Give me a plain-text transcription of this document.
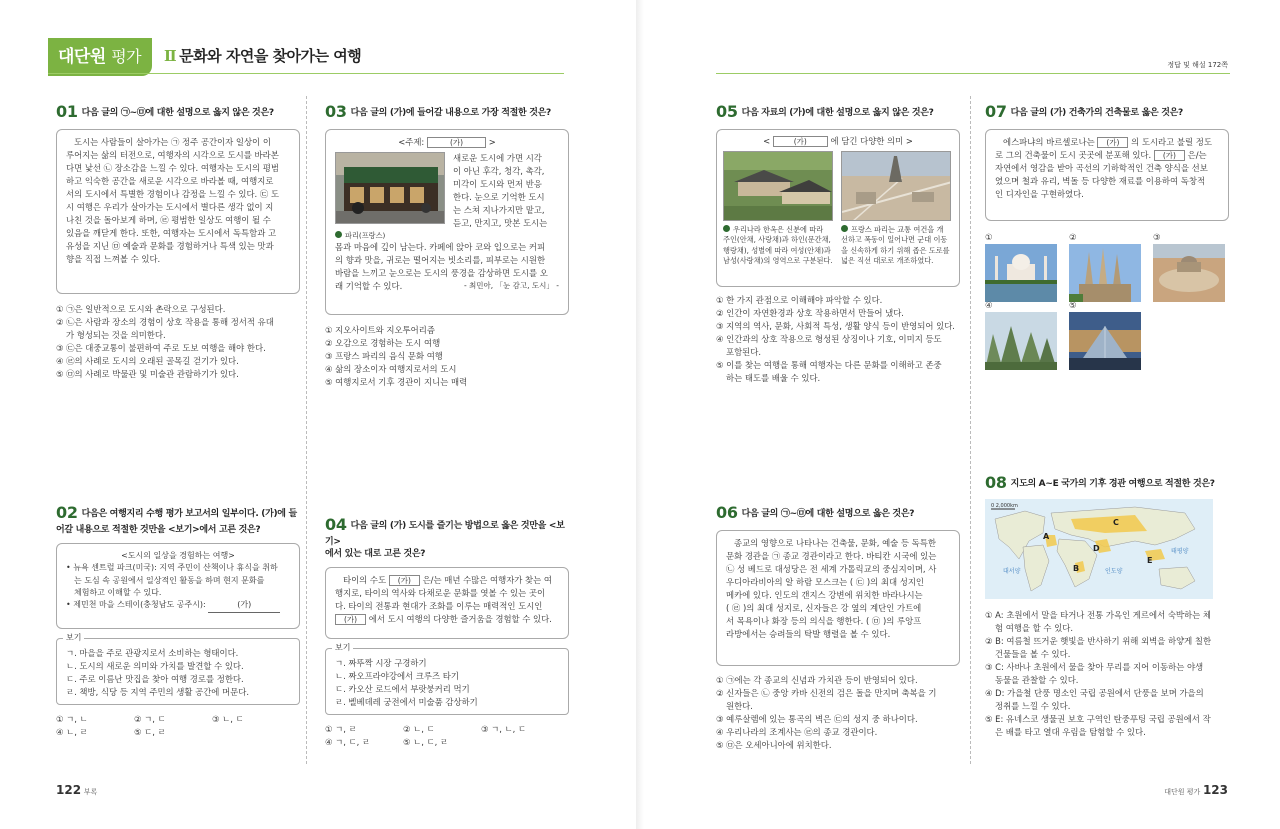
대단원 평가	Ⅱ 문화와 자연을 찾아가는 여행	정답 및 해설 172쪽
01 다음 글의 ㉠~㉤에 대한 설명으로 옳지 않은 것은?
도시는 사람들이 살아가는 ㉠ 정주 공간이자 일상이 이
루어지는 삶의 터전으로, 여행자의 시각으로 도시를 바라본
다면 낯선 ㉡ 장소감을 느낄 수 있다. 여행자는 도시의 평범
하고 익숙한 공간을 새로운 시각으로 바라볼 때, 여행지로
서의 도시에서 특별한 경험이나 감정을 느낄 수 있다. ㉢ 도
시 여행은 우리가 살아가는 도시에서 별다른 생각 없이 지
나친 것을 돌아보게 하며, ㉣ 평범한 일상도 여행이 될 수
있음을 깨닫게 한다. 또한, 여행자는 도시에서 독특함과 고
유성을 지닌 ㉤ 예술과 문화를 경험하거나 특색 있는 맛과
향을 직접 느껴볼 수 있다.
① ㉠은 일반적으로 도시와 촌락으로 구성된다.
② ㉡은 사람과 장소의 경험이 상호 작용을 통해 정서적 유대
가 형성되는 것을 의미한다.
③ ㉢은 대중교통이 불편하여 주로 도보 여행을 해야 한다.
④ ㉣의 사례로 도시의 오래된 골목길 걷기가 있다.
⑤ ㉤의 사례로 박물관 및 미술관 관람하기가 있다.
02 다음은 여행지리 수행 평가 보고서의 일부이다. (가)에 들
어갈 내용으로 적절한 것만을 <보기>에서 고른 것은?
<도시의 일상을 경험하는 여행>
• 뉴욕 센트럴 파크(미국): 지역 주민이 산책이나 휴식을 취하
는 도심 속 공원에서 일상적인 활동을 하며 현지 문화를
체험하고 이해할 수 있다.
• 제민천 마을 스테이(충청남도 공주시):	(가)
보기
ㄱ. 마을을 주로 관광지로서 소비하는 형태이다.
ㄴ. 도시의 새로운 의미와 가치를 발견할 수 있다.
ㄷ. 주로 이름난 맛집을 찾아 여행 경로를 정한다.
ㄹ. 책방, 식당 등 지역 주민의 생활 공간에 머문다.
① ㄱ, ㄴ	② ㄱ, ㄷ	③ ㄴ, ㄷ
④ ㄴ, ㄹ	⑤ ㄷ, ㄹ
03 다음 글의 (가)에 들어갈 내용으로 가장 적절한 것은?
<주제:	(가)	>
파리(프랑스)
새로운 도시에 가면 시각
이 아닌 후각, 청각, 촉각,
미각이 도시와 먼저 반응
한다. 눈으로 기억한 도시
는 스쳐 지나가지만 맡고,
듣고, 만지고, 맛본 도시는
몸과 마음에 깊이 남는다. 카페에 앉아 코와 입으로는 커피
의 향과 맛을, 귀로는 떨어지는 빗소리를, 피부로는 시원한
바람을 느끼고 눈으로는 도시의 풍경을 감상하면 도시를 오
래 기억할 수 있다.	- 최민아, 「눈 감고, 도시」 -
① 지오사이트와 지오투어리즘
② 오감으로 경험하는 도시 여행
③ 프랑스 파리의 음식 문화 여행
④ 삶의 장소이자 여행지로서의 도시
⑤ 여행지로서 기후 경관이 지니는 매력
04 다음 글의 (가) 도시를 즐기는 방법으로 옳은 것만을 <보기>
에서 있는 대로 고른 것은?
타이의 수도 (가) 은/는 매년 수많은 여행자가 찾는 여
행지로, 타이의 역사와 다채로운 문화를 엿볼 수 있는 곳이
다. 타이의 전통과 현대가 조화를 이루는 매력적인 도시인
(가) 에서 도시 여행의 다양한 즐거움을 경험할 수 있다.
보기
ㄱ. 짜뚜짝 시장 구경하기
ㄴ. 짜오프라야강에서 크루즈 타기
ㄷ. 카오산 로드에서 부랏붕커리 먹기
ㄹ. 벨베데레 궁전에서 미술품 감상하기
① ㄱ, ㄹ	② ㄴ, ㄷ	③ ㄱ, ㄴ, ㄷ
④ ㄱ, ㄷ, ㄹ	⑤ ㄴ, ㄷ, ㄹ
05 다음 자료의 (가)에 대한 설명으로 옳지 않은 것은?
<	(가)	에 담긴 다양한 의미 >
우리나라 한옥은 신분에 따라
주인(안채, 사랑채)과 하인(문간채,
행랑채), 성별에 따라 여성(안채)과
남성(사랑채)의 영역으로 구분된다.
프랑스 파리는 교통 여건을 개
선하고 폭동이 일어나면 군대 이동
을 신속하게 하기 위해 좁은 도로를
넓은 직선 대로로 개조하였다.
① 한 가지 관점으로 이해해야 파악할 수 있다.
② 인간이 자연환경과 상호 작용하면서 만들어 냈다.
③ 지역의 역사, 문화, 사회적 특성, 생활 양식 등이 반영되어 있다.
④ 인간과의 상호 작용으로 형성된 상징이나 기호, 이미지 등도
포함된다.
⑤ 이를 찾는 여행을 통해 여행자는 다른 문화를 이해하고 존중
하는 태도를 배울 수 있다.
06 다음 글의 ㉠~㉤에 대한 설명으로 옳은 것은?
종교의 영향으로 나타나는 건축물, 문화, 예술 등 독특한
문화 경관을 ㉠ 종교 경관이라고 한다. 바티칸 시국에 있는
㉡ 성 베드로 대성당은 전 세계 가톨릭교의 중심지이며, 사
우디아라비아의 알 하람 모스크는 ( ㉢ )의 최대 성지인
메카에 있다. 인도의 갠지스 강변에 위치한 바라나시는
( ㉣ )의 최대 성지로, 신자들은 강 옆의 계단인 가트에
서 목욕이나 화장 등의 의식을 행한다. ( ㉤ )의 루앙프
라방에서는 승려들의 탁발 행렬을 볼 수 있다.
① ㉠에는 각 종교의 신념과 가치관 등이 반영되어 있다.
② 신자들은 ㉡ 중앙 카바 신전의 검은 돌을 만지며 축복을 기
원한다.
③ 예루살렘에 있는 통곡의 벽은 ㉢의 성지 중 하나이다.
④ 우리나라의 조계사는 ㉣의 종교 경관이다.
⑤ ㉤은 오세아니아에 위치한다.
07 다음 글의 (가) 건축가의 건축물로 옳은 것은?
에스파냐의 바르셀로나는 (가) 의 도시라고 불릴 정도
로 그의 건축물이 도시 곳곳에 분포해 있다. (가) 은/는
자연에서 영감을 받아 곡선의 기하학적인 건축 양식을 선보
였으며 철과 유리, 벽돌 등 다양한 재료를 이용하여 독창적
인 디자인을 구현하였다.
①	②	③
④	⑤
08 지도의 A~E 국가의 기후 경관 여행으로 적절한 것은?
0 2,000km
A
B
C
D
E
인도양
태평양
대서양
① A: 초원에서 말을 타거나 전통 가옥인 게르에서 숙박하는 체
험 여행을 할 수 있다.
② B: 여름철 뜨거운 햇빛을 반사하기 위해 외벽을 하얗게 칠한
건물들을 볼 수 있다.
③ C: 사바나 초원에서 물을 찾아 무리를 지어 이동하는 야생
동물을 관찰할 수 있다.
④ D: 가을철 단풍 명소인 국립 공원에서 단풍을 보며 가을의
정취를 느낄 수 있다.
⑤ E: 유네스코 생물권 보호 구역인 탄중푸팅 국립 공원에서 작
은 배를 타고 열대 우림을 탐험할 수 있다.
122 부록	대단원 평가 123
